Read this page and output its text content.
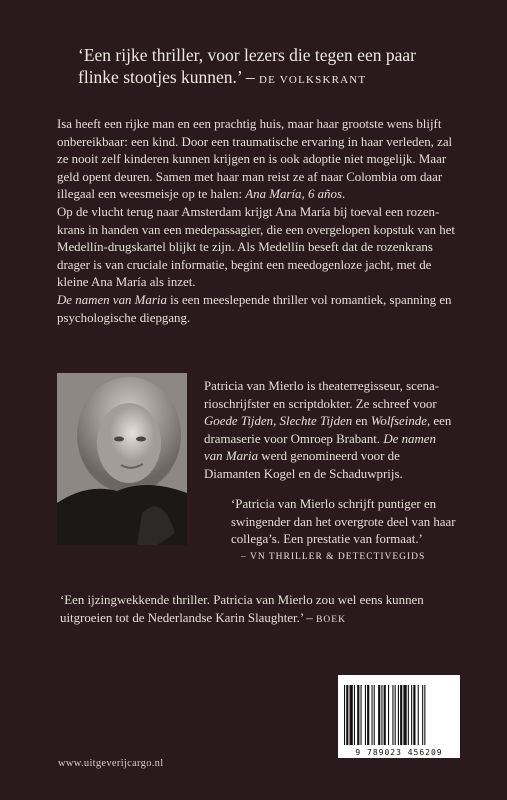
‘Een rijke thriller, voor lezers die tegen een paar flinke stootjes kunnen.’ – DE VOLKSKRANT

Isa heeft een rijke man en een prachtig huis, maar haar grootste wens blijft onbereikbaar: een kind. Door een traumatische ervaring in haar verleden, zal ze nooit zelf kinderen kunnen krijgen en is ook adoptie niet mogelijk. Maar geld opent deuren. Samen met haar man reist ze af naar Colombia om daar illegaal een weesmeisje op te halen: Ana María, 6 años.

Op de vlucht terug naar Amsterdam krijgt Ana María bij toeval een rozenkrans in handen van een medepassagier, die een overgelopen kopstuk van het Medellín-drugskartel blijkt te zijn. Als Medellín beseft dat de rozenkrans drager is van cruciale informatie, begint een meedogenloze jacht, met de kleine Ana María als inzet.

De namen van Maria is een meeslepende thriller vol romantiek, spanning en psychologische diepgang.

Patricia van Mierlo is theaterregisseur, scenarioschrijfster en scriptdokter. Ze schreef voor Goede Tijden, Slechte Tijden en Wolfseinde, een dramaserie voor Omroep Brabant. De namen van Maria werd genomineerd voor de Diamanten Kogel en de Schaduwprijs.
‘Patricia van Mierlo schrijft puntiger en swingender dan het overgrote deel van haar collega’s. Een prestatie van formaat.’
– VN THRILLER & DETECTIVEGIDS
‘Een ijzingwekkende thriller. Patricia van Mierlo zou wel eens kunnen uitgroeien tot de Nederlandse Karin Slaughter.’ – BOEK
9 789023 456209
www.uitgeverijcargo.nl
